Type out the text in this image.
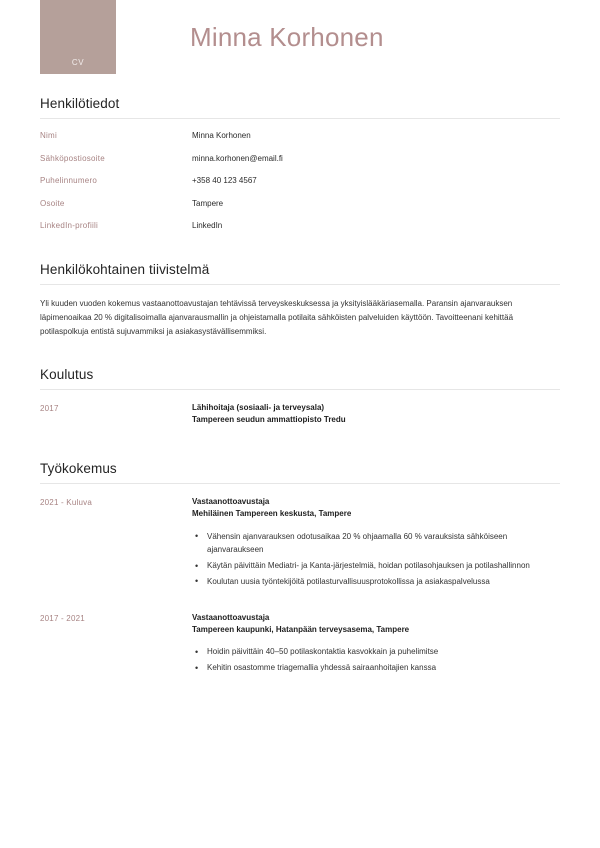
CV
Minna Korhonen
Henkilötiedot
Nimi	Minna Korhonen
Sähköpostiosoite	minna.korhonen@email.fi
Puhelinnumero	+358 40 123 4567
Osoite	Tampere
LinkedIn-profiili	LinkedIn
Henkilökohtainen tiivistelmä

Yli kuuden vuoden kokemus vastaanottoavustajan tehtävissä terveyskeskuksessa ja yksityislääkäriasemalla. Paransin ajanvarauksen läpimenoaikaa 20 % digitalisoimalla ajanvarausmallin ja ohjeistamalla potilaita sähköisten palveluiden käyttöön. Tavoitteenani kehittää potilaspolkuja entistä sujuvammiksi ja asiakasystävällisemmiksi.

Koulutus
2017	Lähihoitaja (sosiaali- ja terveysala)
Tampereen seudun ammattiopisto Tredu
Työkokemus
2021 - Kuluva	Vastaanottoavustaja
Mehiläinen Tampereen keskusta, Tampere
• Vähensin ajanvarauksen odotusaikaa 20 % ohjaamalla 60 % varauksista sähköiseen ajanvaraukseen
• Käytän päivittäin Mediatri- ja Kanta-järjestelmiä, hoidan potilasohjauksen ja potilashallinnon
• Koulutan uusia työntekijöitä potilasturvallisuusprotokollissa ja asiakaspalvelussa
2017 - 2021	Vastaanottoavustaja
Tampereen kaupunki, Hatanpään terveysasema, Tampere
• Hoidin päivittäin 40–50 potilaskontaktia kasvokkain ja puhelimitse
• Kehitin osastomme triagemallia yhdessä sairaanhoitajien kanssa
